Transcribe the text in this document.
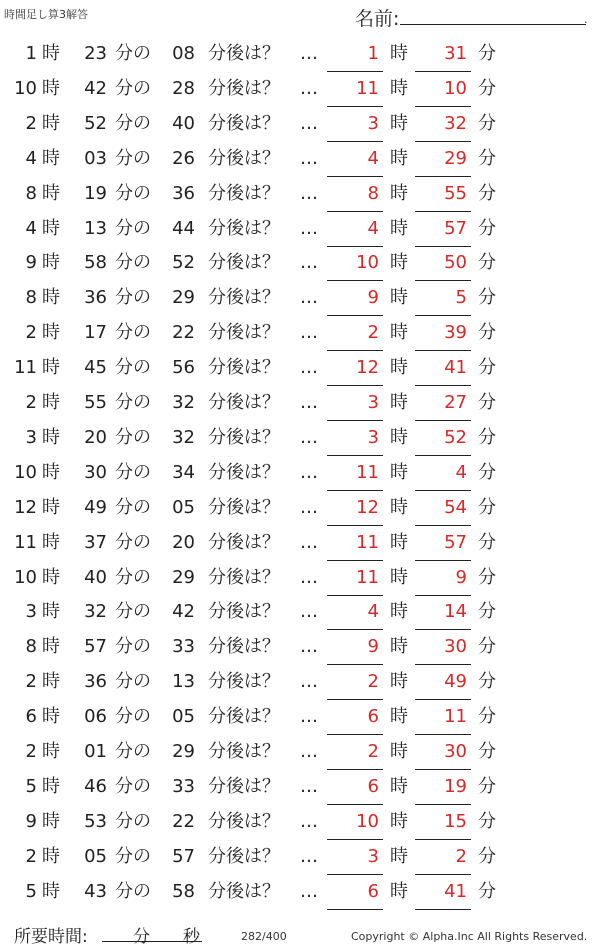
時間足し算3解答	名前:	.
1 時	23 分の	08 分後は？ …	1 時 31 分
10 時	42 分の	28 分後は？ … 11 時 10 分
2 時	52 分の	40 分後は？ …	3 時 32 分
4 時	03 分の	26 分後は？ …	4 時 29 分
8 時	19 分の	36 分後は？ …	8 時 55 分
4 時	13 分の	44 分後は？ …	4 時 57 分
9 時	58 分の	52 分後は？ … 10 時 50 分
8 時	36 分の	29 分後は？ …	9 時	5 分
2 時	17 分の	22 分後は？ …	2 時 39 分
11 時	45 分の	56 分後は？ … 12 時 41 分
2 時	55 分の	32 分後は？ …	3 時 27 分
3 時	20 分の	32 分後は？ …	3 時 52 分
10 時	30 分の	34 分後は？ … 11 時	4 分
12 時	49 分の	05 分後は？ … 12 時 54 分
11 時	37 分の	20 分後は？ … 11 時 57 分
10 時	40 分の	29 分後は？ … 11 時	9 分
3 時	32 分の	42 分後は？ …	4 時 14 分
8 時	57 分の	33 分後は？ …	9 時 30 分
2 時	36 分の	13 分後は？ …	2 時 49 分
6 時	06 分の	05 分後は？ …	6 時 11 分
2 時	01 分の	29 分後は？ …	2 時 30 分
5 時	46 分の	33 分後は？ …	6 時 19 分
9 時	53 分の	22 分後は？ … 10 時 15 分
2 時	05 分の	57 分後は？ …	3 時	2 分
5 時	43 分の	58 分後は？ …	6 時 41 分
所要時間:	分 秒	282/400	Copyright © Alpha.Inc All Rights Reserved.
